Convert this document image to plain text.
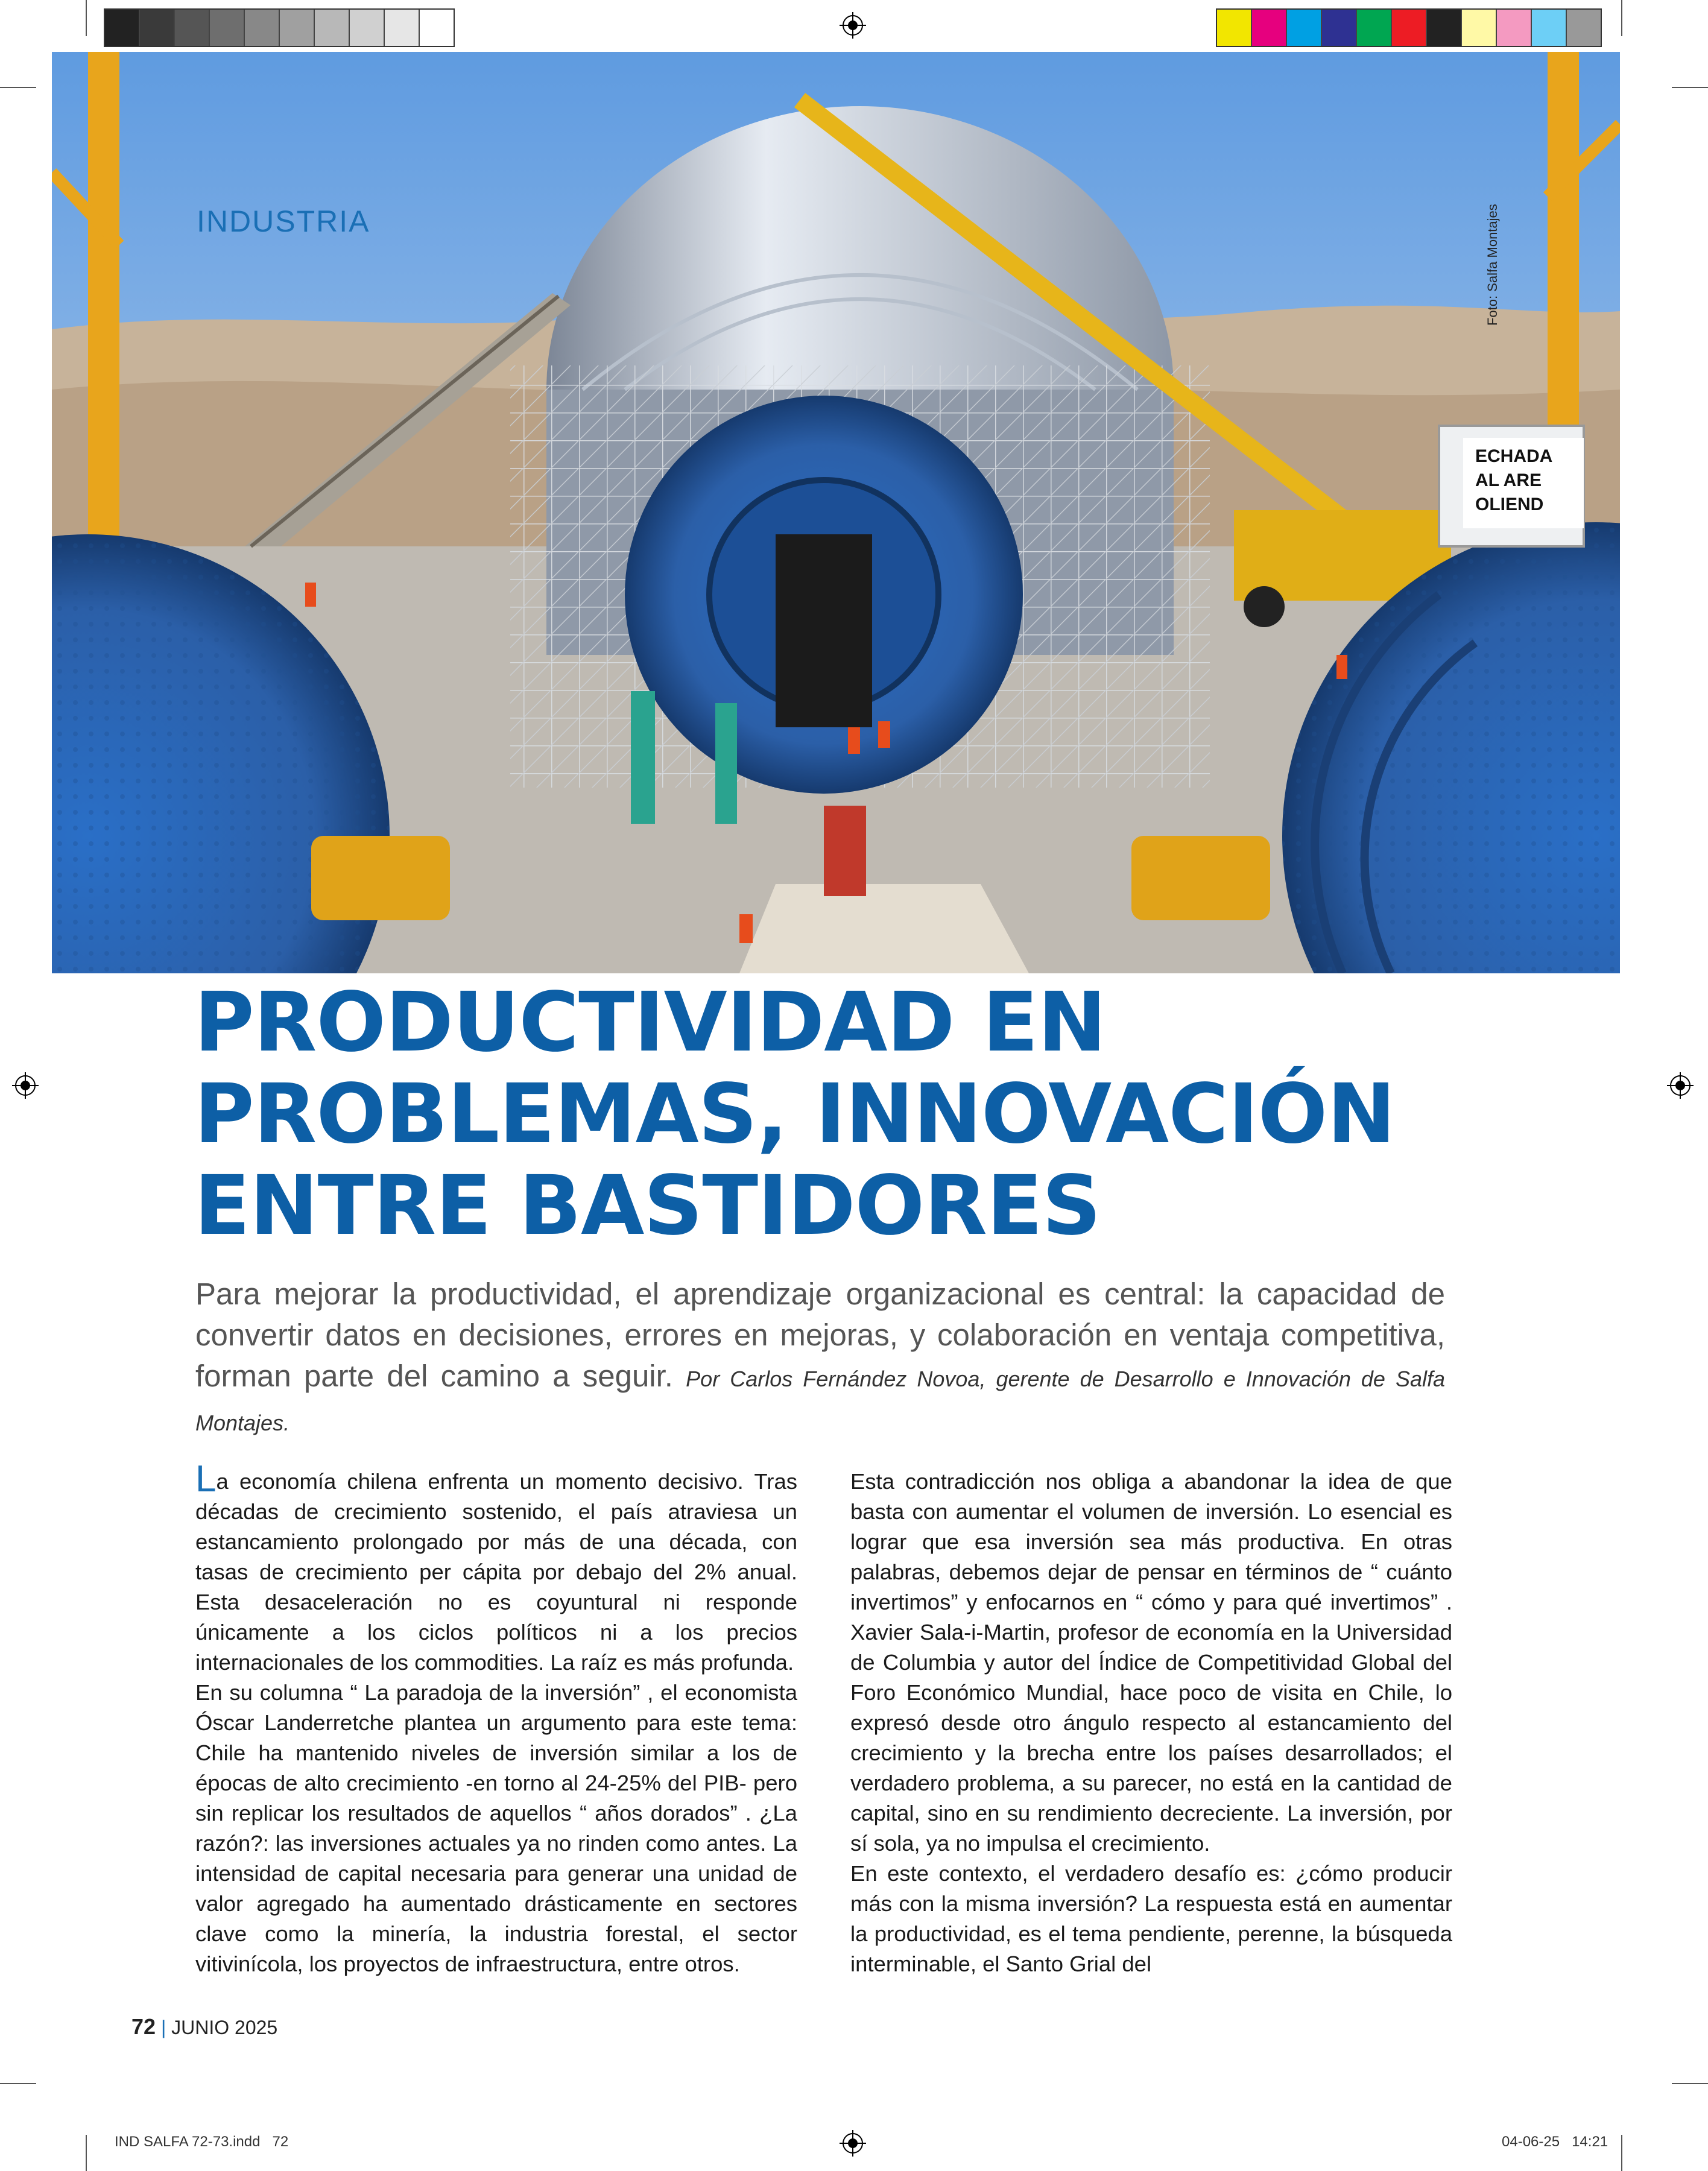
ECHADA
AL ARE
OLIEND
INDUSTRIA	Foto: Salfa Montajes
PRODUCTIVIDAD EN
PROBLEMAS, INNOVACIÓN
ENTRE BASTIDORES
Para mejorar la productividad, el aprendizaje organizacional es central: la capacidad de convertir datos en decisiones, errores en mejoras, y colaboración en ventaja competitiva, forman parte del camino a seguir. Por Carlos Fernández Novoa, gerente de Desarrollo e Innovación de Salfa Montajes.

La economía chilena enfrenta un momento decisivo. Tras décadas de crecimiento sostenido, el país atraviesa un estancamiento prolongado por más de una década, con tasas de crecimiento per cápita por debajo del 2% anual. Esta desaceleración no es coyuntural ni responde únicamente a los ciclos políticos ni a los precios internacionales de los commodities. La raíz es más profunda.

En su columna “ La paradoja de la inversión” , el economista Óscar Landerretche plantea un argumento para este tema: Chile ha mantenido niveles de inversión similar a los de épocas de alto crecimiento -en torno al 24-25% del PIB- pero sin replicar los resultados de aquellos “ años dorados” . ¿La razón?: las inversiones actuales ya no rinden como antes. La intensidad de capital necesaria para generar una unidad de valor agregado ha aumentado drásticamente en sectores clave como la minería, la industria forestal, el sector vitivinícola, los proyectos de infraestructura, entre otros.

Esta contradicción nos obliga a abandonar la idea de que basta con aumentar el volumen de inversión. Lo esencial es lograr que esa inversión sea más productiva. En otras palabras, debemos dejar de pensar en términos de “ cuánto invertimos” y enfocarnos en “ cómo y para qué invertimos” . Xavier Sala-i-Martin, profesor de economía en la Universidad de Columbia y autor del Índice de Competitividad Global del Foro Económico Mundial, hace poco de visita en Chile, lo expresó desde otro ángulo respecto al estancamiento del crecimiento y la brecha entre los países desarrollados; el verdadero problema, a su parecer, no está en la cantidad de capital, sino en su rendimiento decreciente. La inversión, por sí sola, ya no impulsa el crecimiento.

En este contexto, el verdadero desafío es: ¿cómo producir más con la misma inversión? La respuesta está en aumentar la productividad, es el tema pendiente, perenne, la búsqueda interminable, el Santo Grial del

72 | JUNIO 2025
IND SALFA 72-73.indd   72	04-06-25   14:21
